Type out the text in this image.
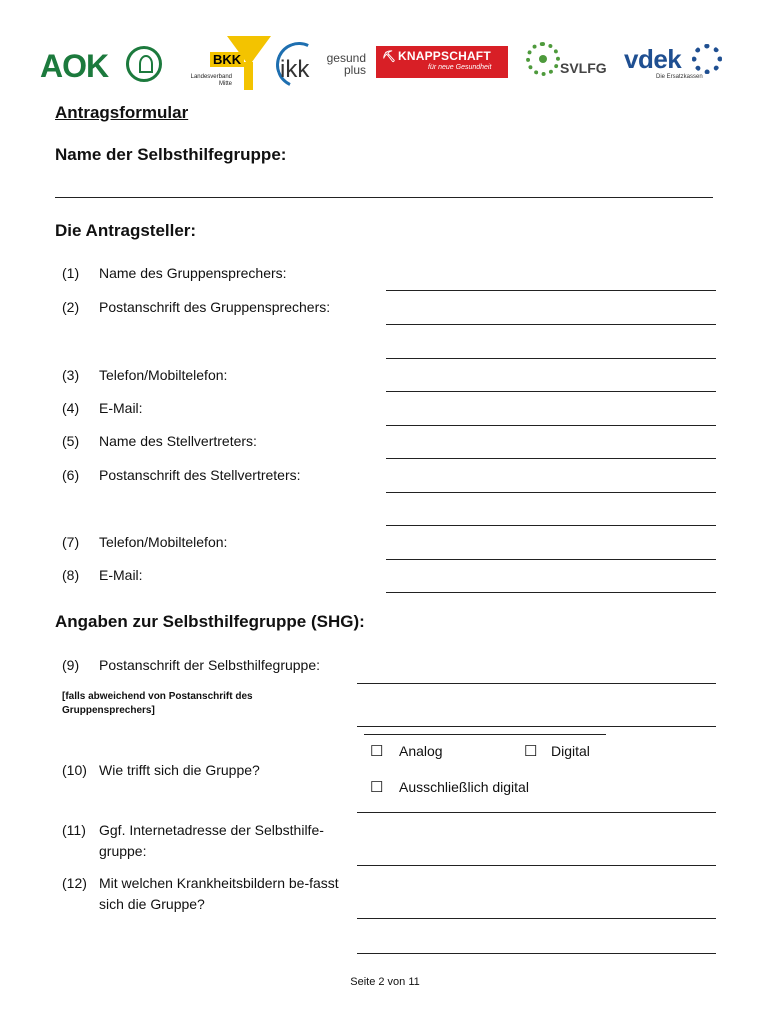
AOK	BKK
Landesverband Mitte
ikk	gesund plus
⛏ KNAPPSCHAFT
für neue Gesundheit	SVLFG vdek
Die Ersatzkassen
Antragsformular
Name der Selbsthilfegruppe:
Die Antragsteller:
(1) Name des Gruppensprechers:
(2) Postanschrift des Gruppensprechers:
(3) Telefon/Mobiltelefon:
(4) E-Mail:
(5) Name des Stellvertreters:
(6) Postanschrift des Stellvertreters:
(7) Telefon/Mobiltelefon:
(8) E-Mail:
Angaben zur Selbsthilfegruppe (SHG):
(9) Postanschrift der Selbsthilfegruppe:
[falls abweichend von Postanschrift des Gruppensprechers]
☐ Analog	☐ Digital
(10) Wie trifft sich die Gruppe?
☐ Ausschließlich digital
(11) Ggf. Internetadresse der Selbsthilfe-gruppe:
(12) Mit welchen Krankheitsbildern be-fasst sich die Gruppe?
Seite 2 von 11
